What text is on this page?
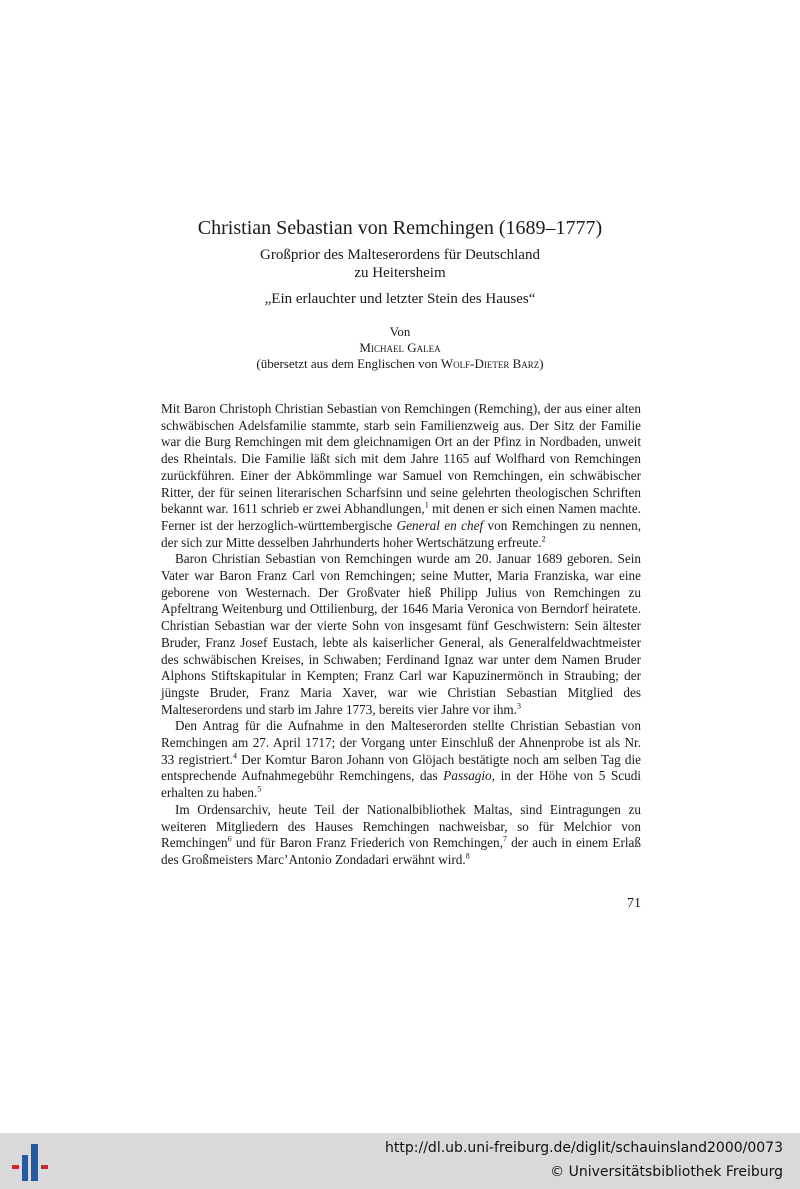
Christian Sebastian von Remchingen (1689–1777)
Großprior des Malteserordens für Deutschland
zu Heitersheim
„Ein erlauchter und letzter Stein des Hauses“
Von
Michael Galea
(übersetzt aus dem Englischen von Wolf-Dieter Barz)

Mit Baron Christoph Christian Sebastian von Remchingen (Remching), der aus einer alten schwäbischen Adelsfamilie stammte, starb sein Familienzweig aus. Der Sitz der Familie war die Burg Remchingen mit dem gleichnamigen Ort an der Pfinz in Nordbaden, unweit des Rheintals. Die Familie läßt sich mit dem Jahre 1165 auf Wolfhard von Remchingen zurückführen. Einer der Abkömmlinge war Samuel von Remchingen, ein schwäbischer Ritter, der für seinen literarischen Scharfsinn und seine gelehrten theologischen Schriften bekannt war. 1611 schrieb er zwei Abhandlungen,$^1$ mit denen er sich einen Namen machte. Ferner ist der herzoglich-württembergische General en chef von Remchingen zu nennen, der sich zur Mitte desselben Jahrhunderts hoher Wertschätzung erfreute.$^2$

Baron Christian Sebastian von Remchingen wurde am 20. Januar 1689 geboren. Sein Vater war Baron Franz Carl von Remchingen; seine Mutter, Maria Franziska, war eine geborene von Westernach. Der Großvater hieß Philipp Julius von Remchingen zu Apfeltrang Weitenburg und Ottilienburg, der 1646 Maria Veronica von Berndorf heiratete. Christian Sebastian war der vierte Sohn von insgesamt fünf Geschwistern: Sein ältester Bruder, Franz Josef Eustach, lebte als kaiserlicher General, als Generalfeldwachtmeister des schwäbischen Kreises, in Schwaben; Ferdinand Ignaz war unter dem Namen Bruder Alphons Stiftskapitular in Kempten; Franz Carl war Kapuzinermönch in Straubing; der jüngste Bruder, Franz Maria Xaver, war wie Christian Sebastian Mitglied des Malteserordens und starb im Jahre 1773, bereits vier Jahre vor ihm.$^3$

Den Antrag für die Aufnahme in den Malteserorden stellte Christian Sebastian von Remchingen am 27. April 1717; der Vorgang unter Einschluß der Ahnenprobe ist als Nr. 33 registriert.$^4$ Der Komtur Baron Johann von Glöjach bestätigte noch am selben Tag die entsprechende Aufnahmegebühr Remchingens, das Passagio, in der Höhe von 5 Scudi erhalten zu haben.$^5$

Im Ordensarchiv, heute Teil der Nationalbibliothek Maltas, sind Eintragungen zu weiteren Mitgliedern des Hauses Remchingen nachweisbar, so für Melchior von Remchingen$^6$ und für Baron Franz Friederich von Remchingen,$^7$ der auch in einem Erlaß des Großmeisters Marc’Antonio Zondadari erwähnt wird.$^8$

71
http://dl.ub.uni-freiburg.de/diglit/schauinsland2000/0073
© Universitätsbibliothek Freiburg
